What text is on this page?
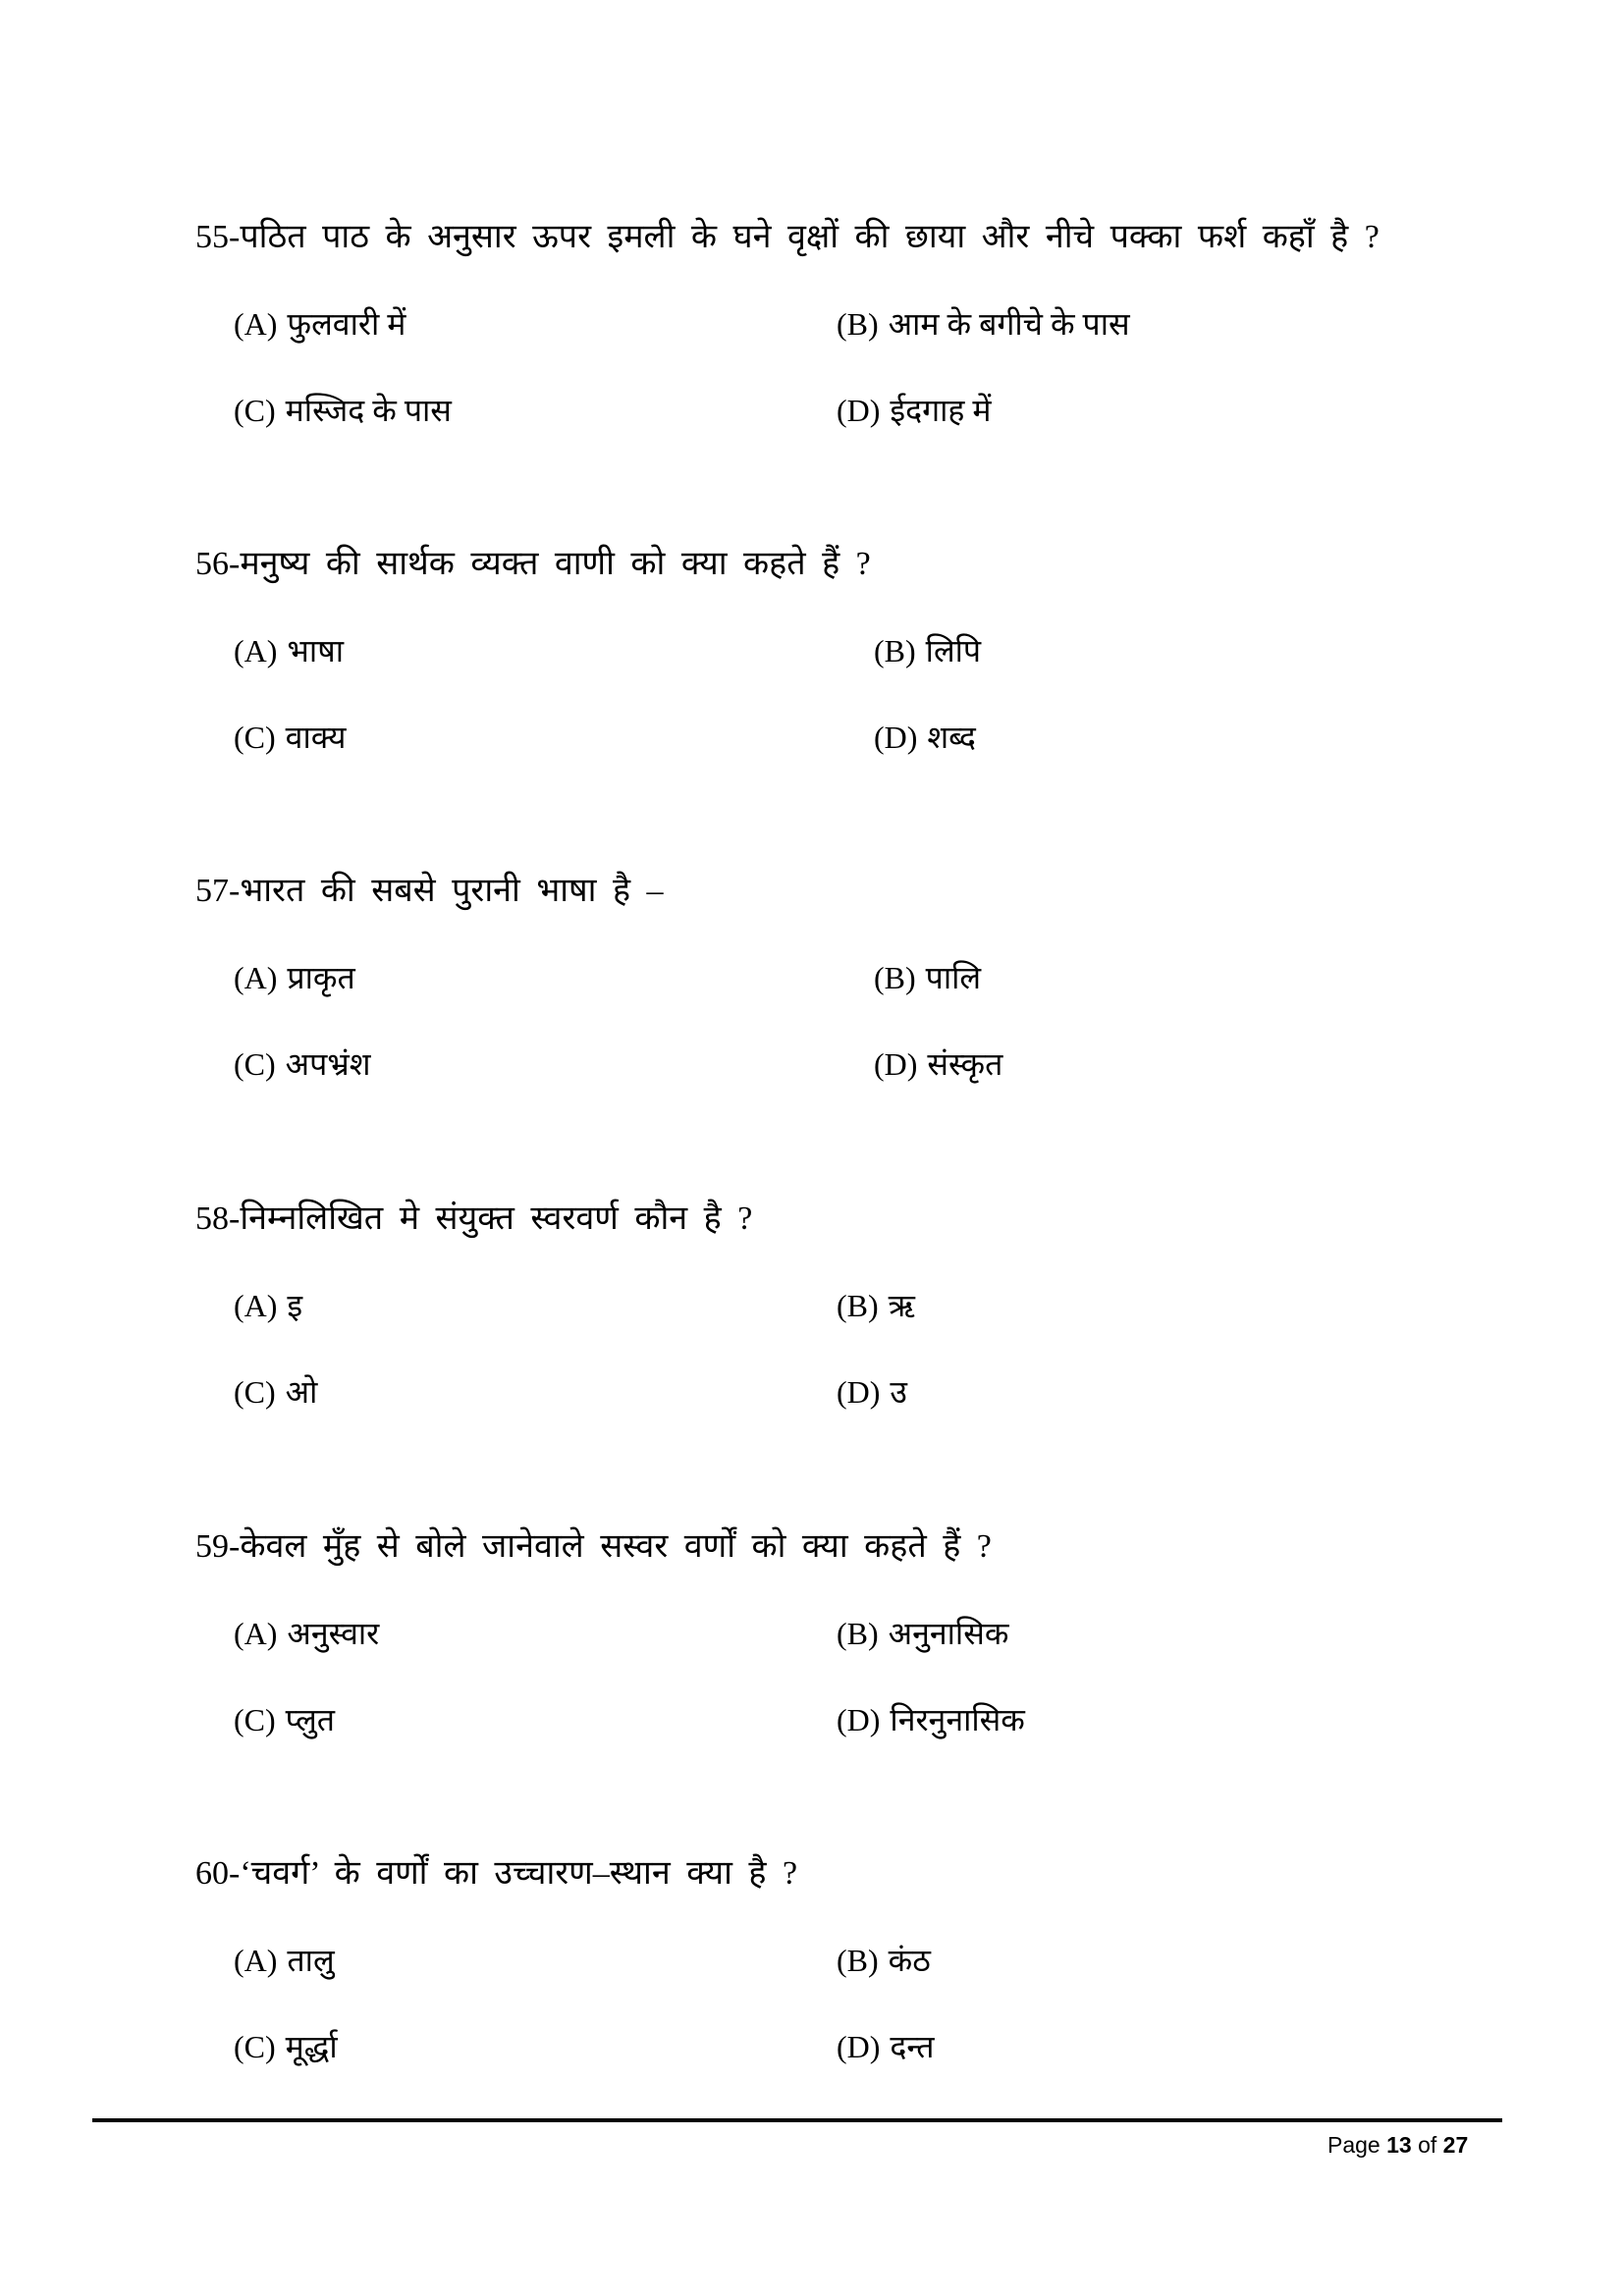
55-पठित पाठ के अनुसार ऊपर इमली के घने वृक्षों की छाया और नीचे पक्का फर्श कहाँ है ?
(A) फुलवारी में	(B) आम के बगीचे के पास
(C) मस्जिद के पास	(D) ईदगाह में
56-मनुष्य की सार्थक व्यक्त वाणी को क्या कहते हैं ?
(A) भाषा	(B) लिपि
(C) वाक्य	(D) शब्द
57-भारत की सबसे पुरानी भाषा है –
(A) प्राकृत	(B) पालि
(C) अपभ्रंश	(D) संस्कृत
58-निम्नलिखित मे संयुक्त स्वरवर्ण कौन है ?
(A) इ	(B) ऋ
(C) ओ	(D) उ
59-केवल मुँह से बोले जानेवाले सस्वर वर्णों को क्या कहते हैं ?
(A) अनुस्वार	(B) अनुनासिक
(C) प्लुत	(D) निरनुनासिक
60-‘चवर्ग’ के वर्णों का उच्चारण–स्थान क्या है ?
(A) तालु	(B) कंठ
(C) मूर्द्धा	(D) दन्त
Page 13 of 27
